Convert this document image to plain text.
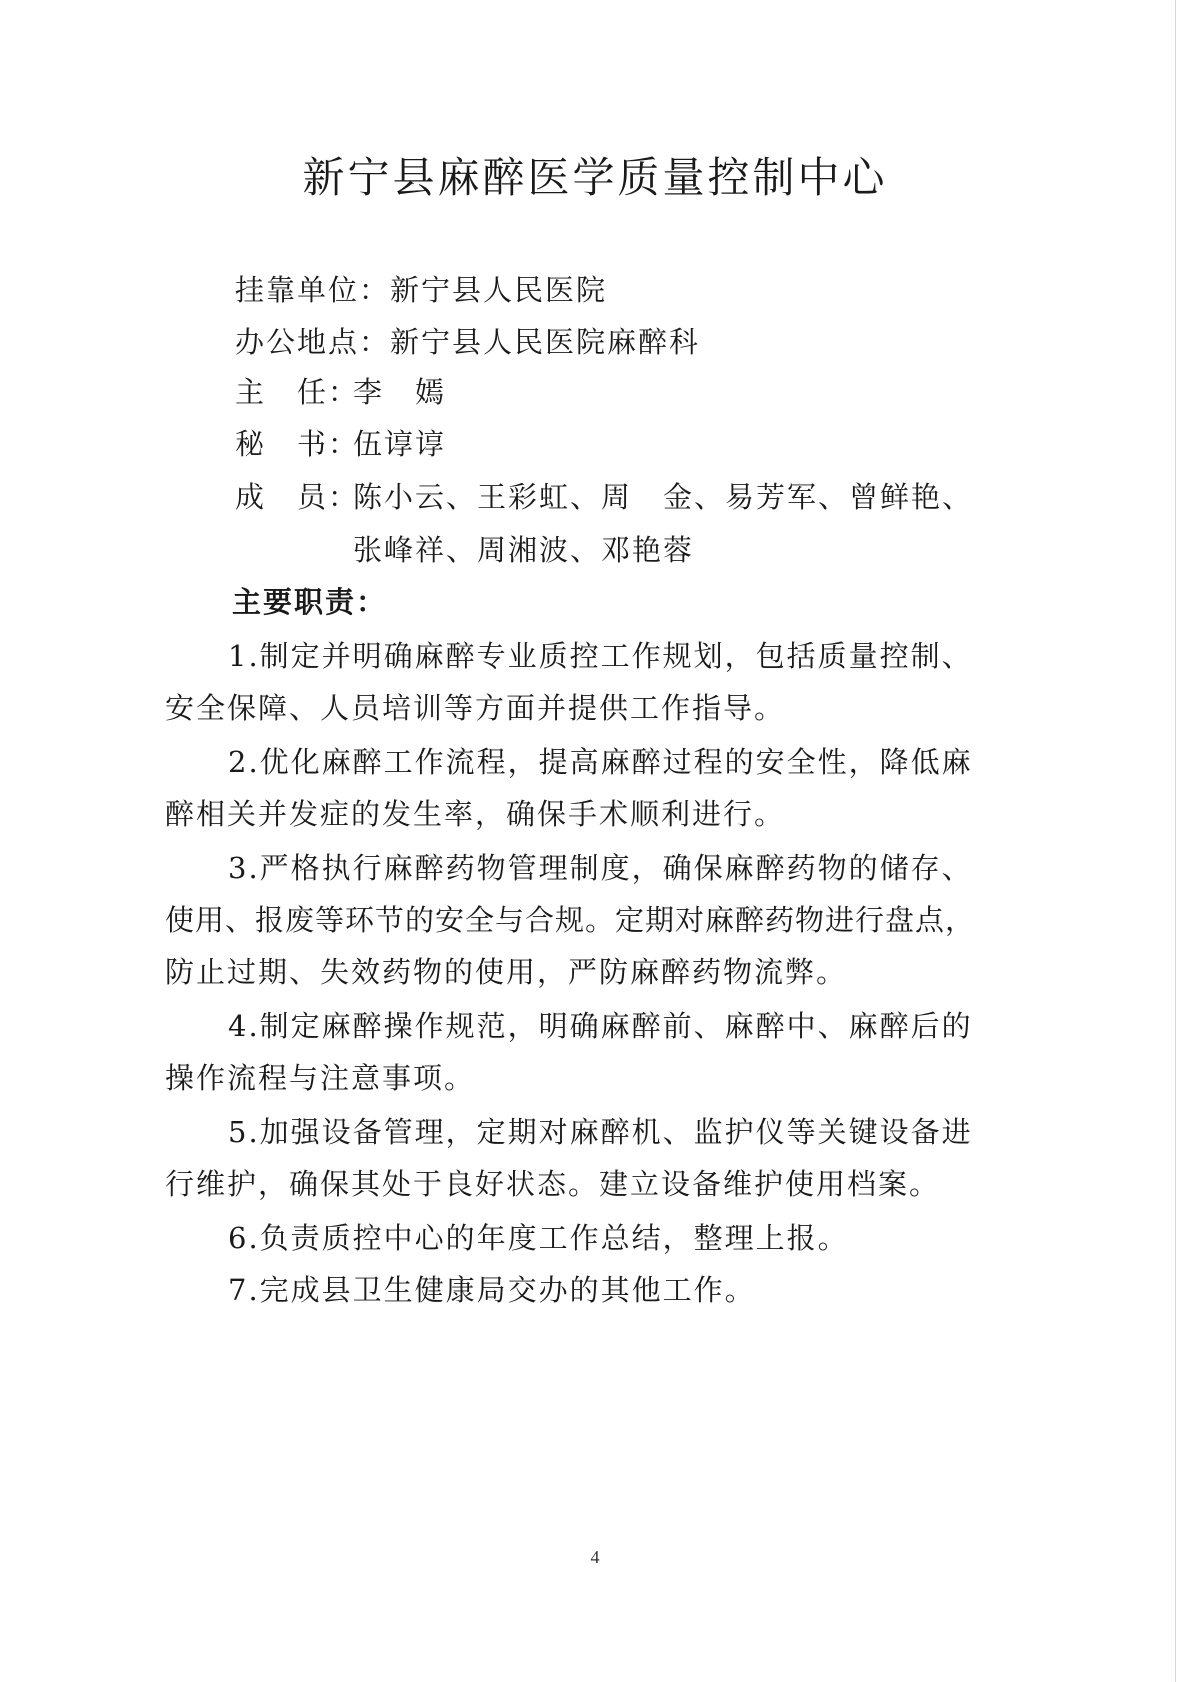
新宁县麻醉医学质量控制中心
挂靠单位：新宁县人民医院
办公地点：新宁县人民医院麻醉科
主　任：李　嫣
秘　书：伍谆谆
成　员：陈小云、王彩虹、周　金、易芳军、曾鲜艳、
张峰祥、周湘波、邓艳蓉
主要职责：
1.制定并明确麻醉专业质控工作规划，包括质量控制、
安全保障、人员培训等方面并提供工作指导。
2.优化麻醉工作流程，提高麻醉过程的安全性，降低麻
醉相关并发症的发生率，确保手术顺利进行。
3.严格执行麻醉药物管理制度，确保麻醉药物的储存、
使用、报废等环节的安全与合规。定期对麻醉药物进行盘点，
防止过期、失效药物的使用，严防麻醉药物流弊。
4.制定麻醉操作规范，明确麻醉前、麻醉中、麻醉后的
操作流程与注意事项。
5.加强设备管理，定期对麻醉机、监护仪等关键设备进
行维护，确保其处于良好状态。建立设备维护使用档案。
6.负责质控中心的年度工作总结，整理上报。
7.完成县卫生健康局交办的其他工作。
4
